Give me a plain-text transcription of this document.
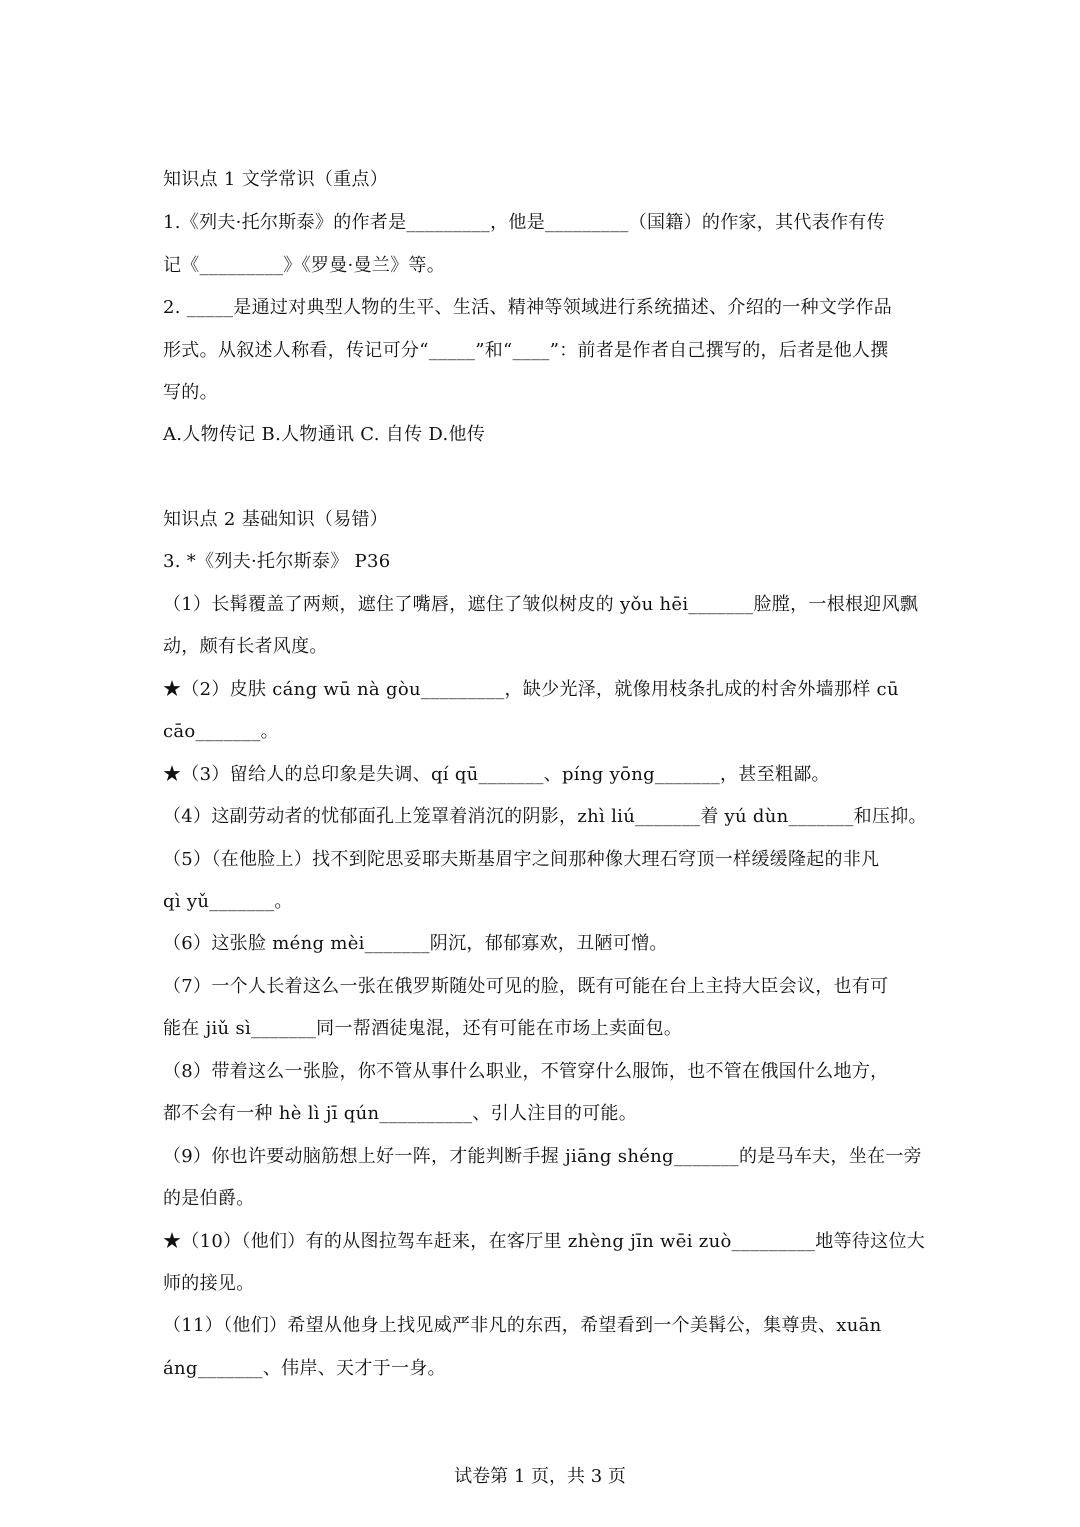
知识点 1 文学常识（重点）
1.《列夫·托尔斯泰》的作者是_________，他是_________（国籍）的作家，其代表作有传
记《_________》《罗曼·曼兰》等。
2. _____是通过对典型人物的生平、生活、精神等领域进行系统描述、介绍的一种文学作品
形式。从叙述人称看，传记可分“_____”和“____”：前者是作者自己撰写的，后者是他人撰
写的。
A.人物传记 B.人物通讯 C. 自传 D.他传
知识点 2 基础知识（易错）
3. *《列夫·托尔斯泰》 P36
（1）长髯覆盖了两颊，遮住了嘴唇，遮住了皱似树皮的 yǒu hēi_______脸膛，一根根迎风飘
动，颇有长者风度。
★（2）皮肤 cáng wū nà gòu_________，缺少光泽，就像用枝条扎成的村舍外墙那样 cū
cāo_______。
★（3）留给人的总印象是失调、qí qū_______、píng yōng_______，甚至粗鄙。
（4）这副劳动者的忧郁面孔上笼罩着消沉的阴影，zhì liú_______着 yú dùn_______和压抑。
（5）（在他脸上）找不到陀思妥耶夫斯基眉宇之间那种像大理石穹顶一样缓缓隆起的非凡
qì yǔ_______。
（6）这张脸 méng mèi_______阴沉，郁郁寡欢，丑陋可憎。
（7）一个人长着这么一张在俄罗斯随处可见的脸，既有可能在台上主持大臣会议，也有可
能在 jiǔ sì_______同一帮酒徒鬼混，还有可能在市场上卖面包。
（8）带着这么一张脸，你不管从事什么职业，不管穿什么服饰，也不管在俄国什么地方，
都不会有一种 hè lì jī qún__________、引人注目的可能。
（9）你也许要动脑筋想上好一阵，才能判断手握 jiāng shéng_______的是马车夫，坐在一旁
的是伯爵。
★（10）（他们）有的从图拉驾车赶来，在客厅里 zhèng jīn wēi zuò_________地等待这位大
师的接见。
（11）（他们）希望从他身上找见威严非凡的东西，希望看到一个美髯公，集尊贵、xuān
áng_______、伟岸、天才于一身。
试卷第 1 页，共 3 页
